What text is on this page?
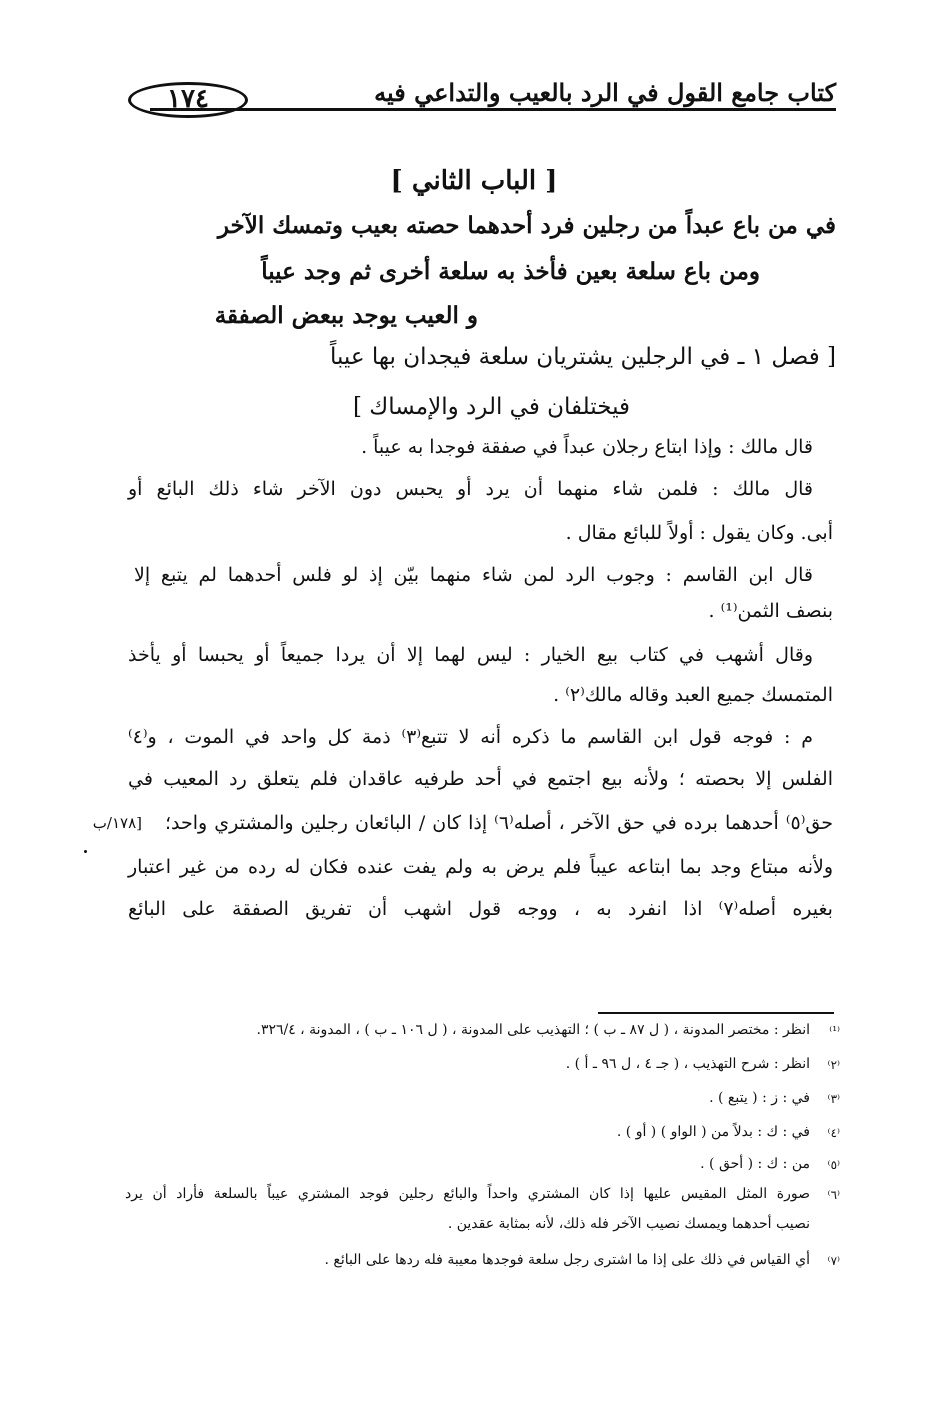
كتاب جامع القول في الرد بالعيب والتداعي فيه
١٧٤
[ الباب الثاني ]
في من باع عبداً من رجلين فرد أحدهما حصته بعيب وتمسك الآخر
ومن باع سلعة بعين فأخذ به سلعة أخرى ثم وجد عيباً
و العيب يوجد ببعض الصفقة
[ فصل ١ ـ في الرجلين يشتريان سلعة فيجدان بها عيباً
فيختلفان في الرد والإمساك ]
قال مالك : وإذا ابتاع رجلان عبداً في صفقة فوجدا به عيباً .
قال مالك : فلمن شاء منهما أن يرد أو يحبس دون الآخر شاء ذلك البائع أو
أبى. وكان يقول : أولاً للبائع مقال .
قال ابن القاسم : وجوب الرد لمن شاء منهما بيّن إذ لو فلس أحدهما لم يتبع إلا
بنصف الثمن⁽¹⁾ .
وقال أشهب في كتاب بيع الخيار : ليس لهما إلا أن يردا جميعاً أو يحبسا أو يأخذ
المتمسك جميع العبد وقاله مالك⁽٢⁾ .
م : فوجه قول ابن القاسم ما ذكره أنه لا تتبع⁽٣⁾ ذمة كل واحد في الموت ، و⁽٤⁾
الفلس إلا بحصته ؛ ولأنه بيع اجتمع في أحد طرفيه عاقدان فلم يتعلق رد المعيب في
حق⁽٥⁾ أحدهما برده في حق الآخر ، أصله⁽٦⁾ إذا كان / البائعان رجلين والمشتري واحد؛
ولأنه مبتاع وجد بما ابتاعه عيباً فلم يرض به ولم يفت عنده فكان له رده من غير اعتبار
بغيره أصله⁽٧⁾ اذا انفرد به ، ووجه قول اشهب أن تفريق الصفقة على البائع
[١٧٨/ب
⁽¹⁾
انظر : مختصر المدونة ، ( ل ٨٧ ـ ب ) ؛ التهذيب على المدونة ، ( ل ١٠٦ ـ ب ) ، المدونة ، ٣٢٦/٤.
⁽٢⁾
انظر : شرح التهذيب ، ( جـ ٤ ، ل ٩٦ ـ أ ) .
⁽٣⁾
في : ز : ( يتبع ) .
⁽٤⁾
في : ك : بدلاً من ( الواو ) ( أو ) .
⁽٥⁾
من : ك : ( أحق ) .
⁽٦⁾
صورة المثل المقيس عليها إذا كان المشتري واحداً والبائع رجلين فوجد المشتري عيباً بالسلعة فأراد أن يرد
نصيب أحدهما ويمسك نصيب الآخر فله ذلك، لأنه بمثابة عقدين .
⁽٧⁾
أي القياس في ذلك على إذا ما اشترى رجل سلعة فوجدها معيبة فله ردها على البائع .
